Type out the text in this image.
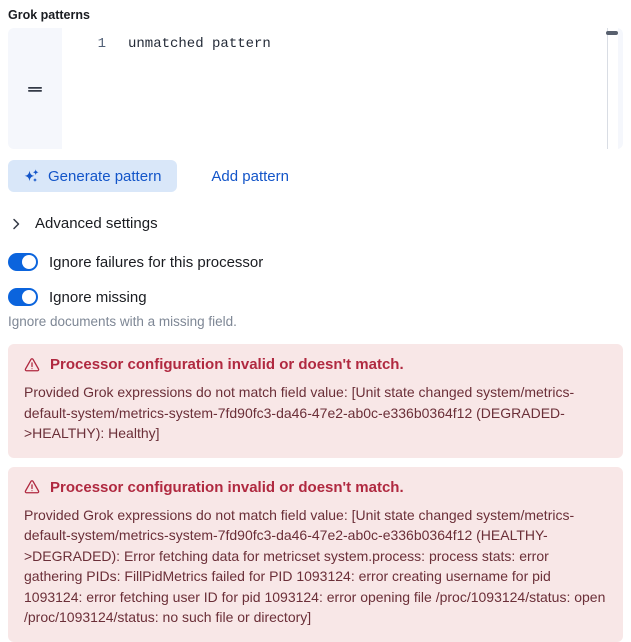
Grok patterns
1	unmatched pattern
Generate pattern	Add pattern
Advanced settings
Ignore failures for this processor
Ignore missing
Ignore documents with a missing field.
Processor configuration invalid or doesn't match.
Provided Grok expressions do not match field value: [Unit state changed system/metrics-default-system/metrics-system-7fd90fc3-da46-47e2-ab0c-e336b0364f12 (DEGRADED->HEALTHY): Healthy]
Processor configuration invalid or doesn't match.
Provided Grok expressions do not match field value: [Unit state changed system/metrics-default-system/metrics-system-7fd90fc3-da46-47e2-ab0c-e336b0364f12 (HEALTHY->DEGRADED): Error fetching data for metricset system.process: process stats: error gathering PIDs: FillPidMetrics failed for PID 1093124: error creating username for pid 1093124: error fetching user ID for pid 1093124: error opening file /proc/1093124/status: open /proc/1093124/status: no such file or directory]
